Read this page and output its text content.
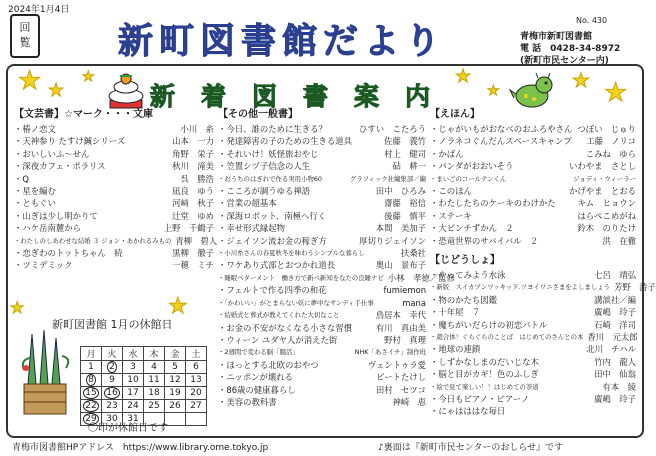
2024年1月4日
回
覧	新町図書館だより
No. 430
青梅市新町図書館
電 話　0428-34-8972
(新町市民センター内)
★ ★
★	★
★	★ ★
★	★
新着図書案内
【文芸書】☆マーク・・・文庫
・椿ノ恋文	小川　糸
・天神参り たすけ鍼シリーズ	山本　一力
・おいしいふ～せん	角野　栄子
・深夜カフェ・ポラリス	秋川　滝美
・Q	呉　勝浩
・星を編む	凪良　ゆう
・ともぐい	河﨑　秋子
・山ぎは少し明かりて	辻堂　ゆめ
・ハケ岳南麓から	上野　千鶴子
・わたしのしあわせな結婚 ３ ジョン・あかれるみもの 青柳　碧人
・恋ぎわのトットちゃん　続	黒柳　徹子
・ツミデミック	一穂　ミチ
【その他一般書】
・今日、誰のために生きる？	ひすい　こたろう
・発達障害の子のための生きる道具	佐藤　義竹
・それいけ！妖怪旅おやじ	村上　健司
・笠置シヅ子信念の人生	砧　耕一
・おうちのはぎれで作る実用小物60	グラフィック社編集部／編
・こころが調うゆる禅語	田中　ひろみ
・営業の超基本	齋藤　裕信
・深海ロボット、南極へ行く	後藤　慎平
・幸せ形式縁起物	本間　美加子
・ジェイソン流お金の稼ぎ方	厚切りジェイソン
・小川糸さんの春夏秋冬を味わうシンプルな暮らし	扶桑社
・ワケあり式部とおつかれ道長	奥山　景布子
・睡眠ベターメント　働き方で新べ新知をなたの良睡ナビ 小林　孝徳／監修
・フェルトで作る四季の和花	fumiemon
・「かわいい」がとまらない妖に夢中なサンディ手仕事	mana
・結婚式と葬式が教えてくれた大切なこと	鳥居本　幸代
・お金の不安がなくなる小さな習慣	有川　真由美
・ウィーン ユダヤ人が消えた街	野村　真理
・2週間で変わる脳「腸活」	NHK「あさイチ」制作班
・ほっとする北欧のおやつ	ヴェントゥラ愛
・ニッポンが壊れる	ビートたけし
・86歳の健康暮らし	田村　セツコ
・美容の教科書	神崎　恵
【えほん】
・じゃがいもがおなべのおふろやさん つぼい　じゅり
・ノラネコぐんだんスペースキャンプ	工藤　ノリコ
・かばん	こみね　ゆら
・パンダがおおいそう	いわやま　さとし
・まいごのコールテンくん	ジョディ・ウィーラー
・このほん	かげやま　とおる
・わたしたちのケーキのわけかた	キム　ヒョウン
・ステーキ	はらぺこめがね
・大ピンチずかん　２	鈴木　のりたけ
・恐竜世界のサバイバル　２	洪　在徹
【じどうしょ】
・やってみよう水泳	七呂　靖弘
・新版　スイカヅンワッキッド.ツヨイワニさまをよしましょう 芳野　詩子
・物のかたち図鑑	講談社／編
・十年屋　７	廣嶋　玲子
・魔ちがいだらけの初恋バトル	石崎　洋司
・超合体！ぐらぐらのことば　はじめてのさんとの本 香川　元太郎
・地球の連鎖	北川　チハル
・しずかなしまのだいじな木	竹内　龍人
・脳と目がカギ！色のふしぎ	田中　仙翁
・絵で見て楽しい！！はじめての茶道	有本　綾
・今日もピアノ・ピアーノ	廣嶋　玲子
・にゃはははな毎日
新町図書館 1月の休館日
月	火	水	木	金	土
1	2	3	4	5	6
8	9	10	11	12	13
15	16	17	18	19	20
22	23	24	25	26	27
29	30	31			
〇印が休館日です
青梅市図書館HPアドレス　https://www.library.ome.tokyo.jp	♪裏面は『新町市民センターのおしらせ』です
